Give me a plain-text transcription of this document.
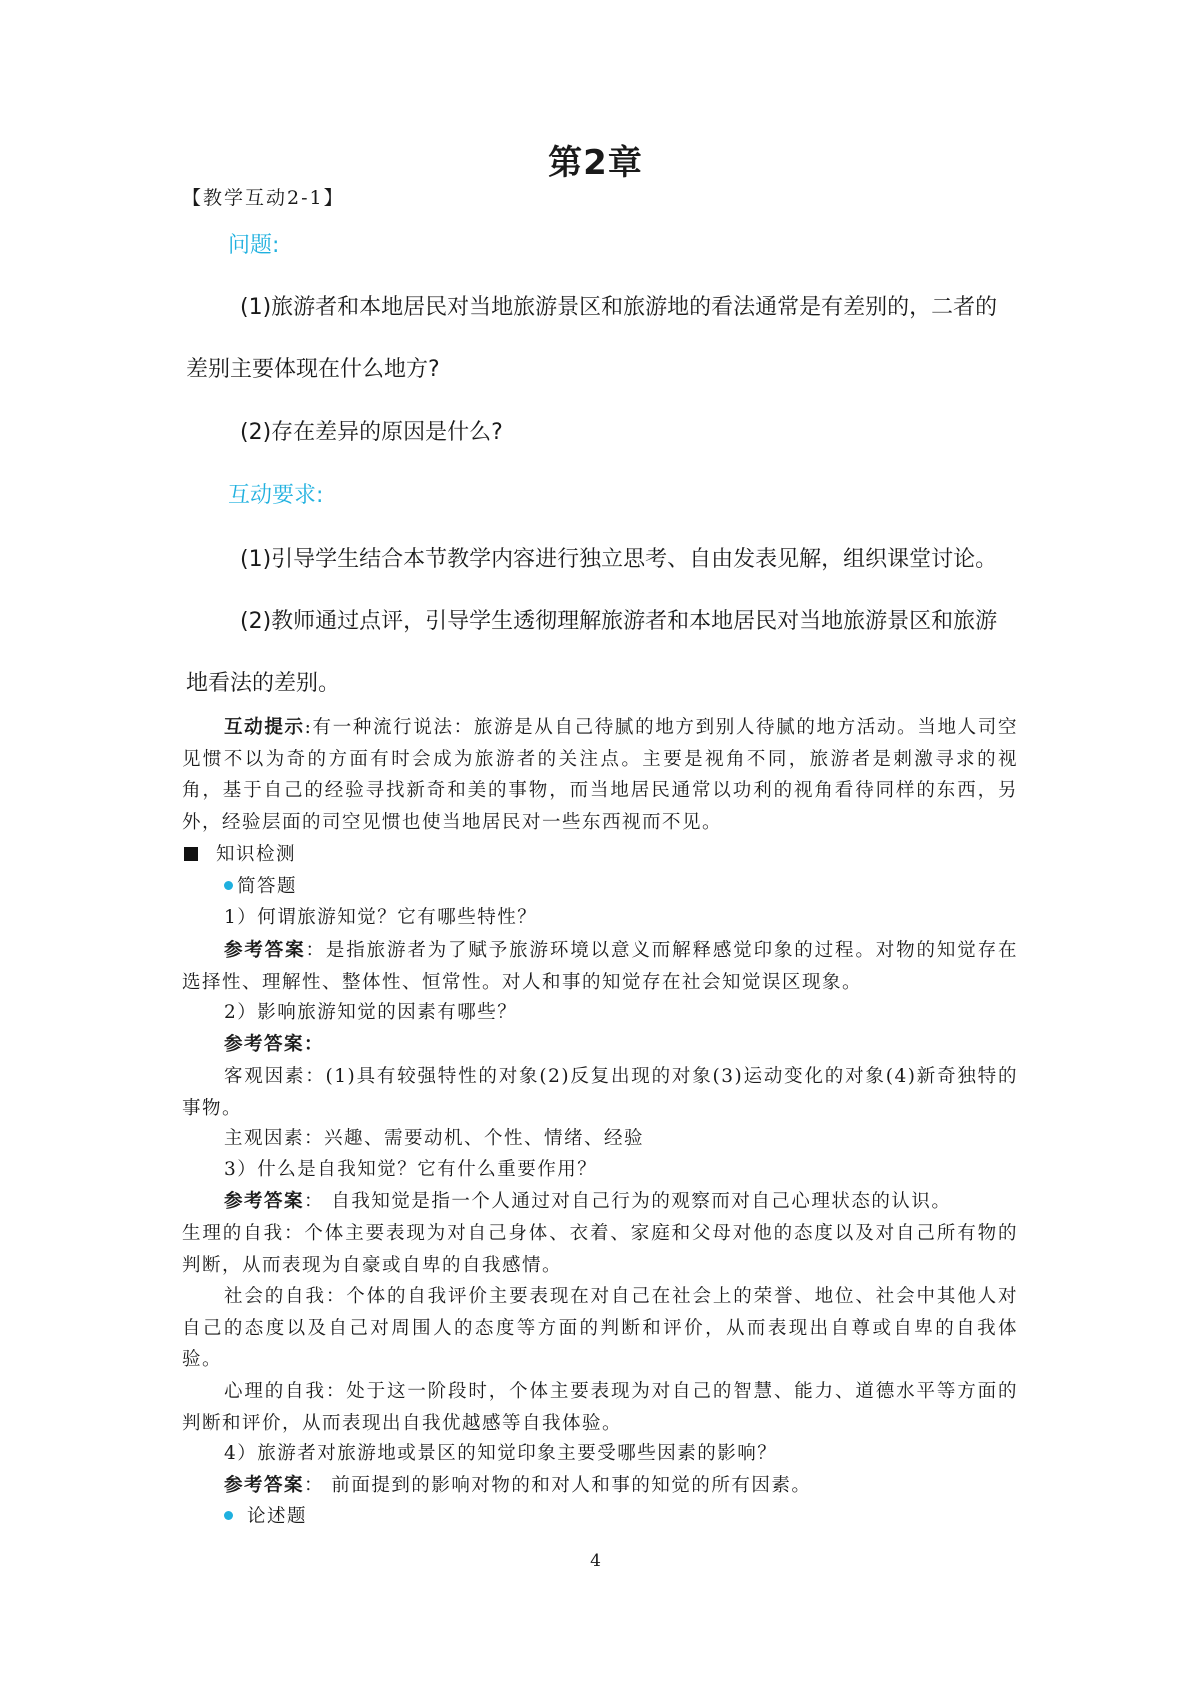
第2章
【教学互动2-1】
问题:
(1)旅游者和本地居民对当地旅游景区和旅游地的看法通常是有差别的，二者的
差别主要体现在什么地方?
(2)存在差异的原因是什么?
互动要求:
(1)引导学生结合本节教学内容进行独立思考、自由发表见解，组织课堂讨论。
(2)教师通过点评，引导学生透彻理解旅游者和本地居民对当地旅游景区和旅游
地看法的差别。
互动提示:有一种流行说法：旅游是从自己待腻的地方到别人待腻的地方活动。当地人司空见惯不以为奇的方面有时会成为旅游者的关注点。主要是视角不同，旅游者是刺激寻求的视角，基于自己的经验寻找新奇和美的事物，而当地居民通常以功利的视角看待同样的东西，另外，经验层面的司空见惯也使当地居民对一些东西视而不见。
知识检测
简答题
1）何谓旅游知觉？它有哪些特性？
参考答案：是指旅游者为了赋予旅游环境以意义而解释感觉印象的过程。对物的知觉存在选择性、理解性、整体性、恒常性。对人和事的知觉存在社会知觉误区现象。
2）影响旅游知觉的因素有哪些？
参考答案：
客观因素：(1)具有较强特性的对象(2)反复出现的对象(3)运动变化的对象(4)新奇独特的事物。
主观因素：兴趣、需要动机、个性、情绪、经验
3）什么是自我知觉？它有什么重要作用？
参考答案： 自我知觉是指一个人通过对自己行为的观察而对自己心理状态的认识。
生理的自我：个体主要表现为对自己身体、衣着、家庭和父母对他的态度以及对自己所有物的判断，从而表现为自豪或自卑的自我感情。
社会的自我：个体的自我评价主要表现在对自己在社会上的荣誉、地位、社会中其他人对自己的态度以及自己对周围人的态度等方面的判断和评价，从而表现出自尊或自卑的自我体验。
心理的自我：处于这一阶段时，个体主要表现为对自己的智慧、能力、道德水平等方面的判断和评价，从而表现出自我优越感等自我体验。
4）旅游者对旅游地或景区的知觉印象主要受哪些因素的影响？
参考答案： 前面提到的影响对物的和对人和事的知觉的所有因素。
论述题
4
